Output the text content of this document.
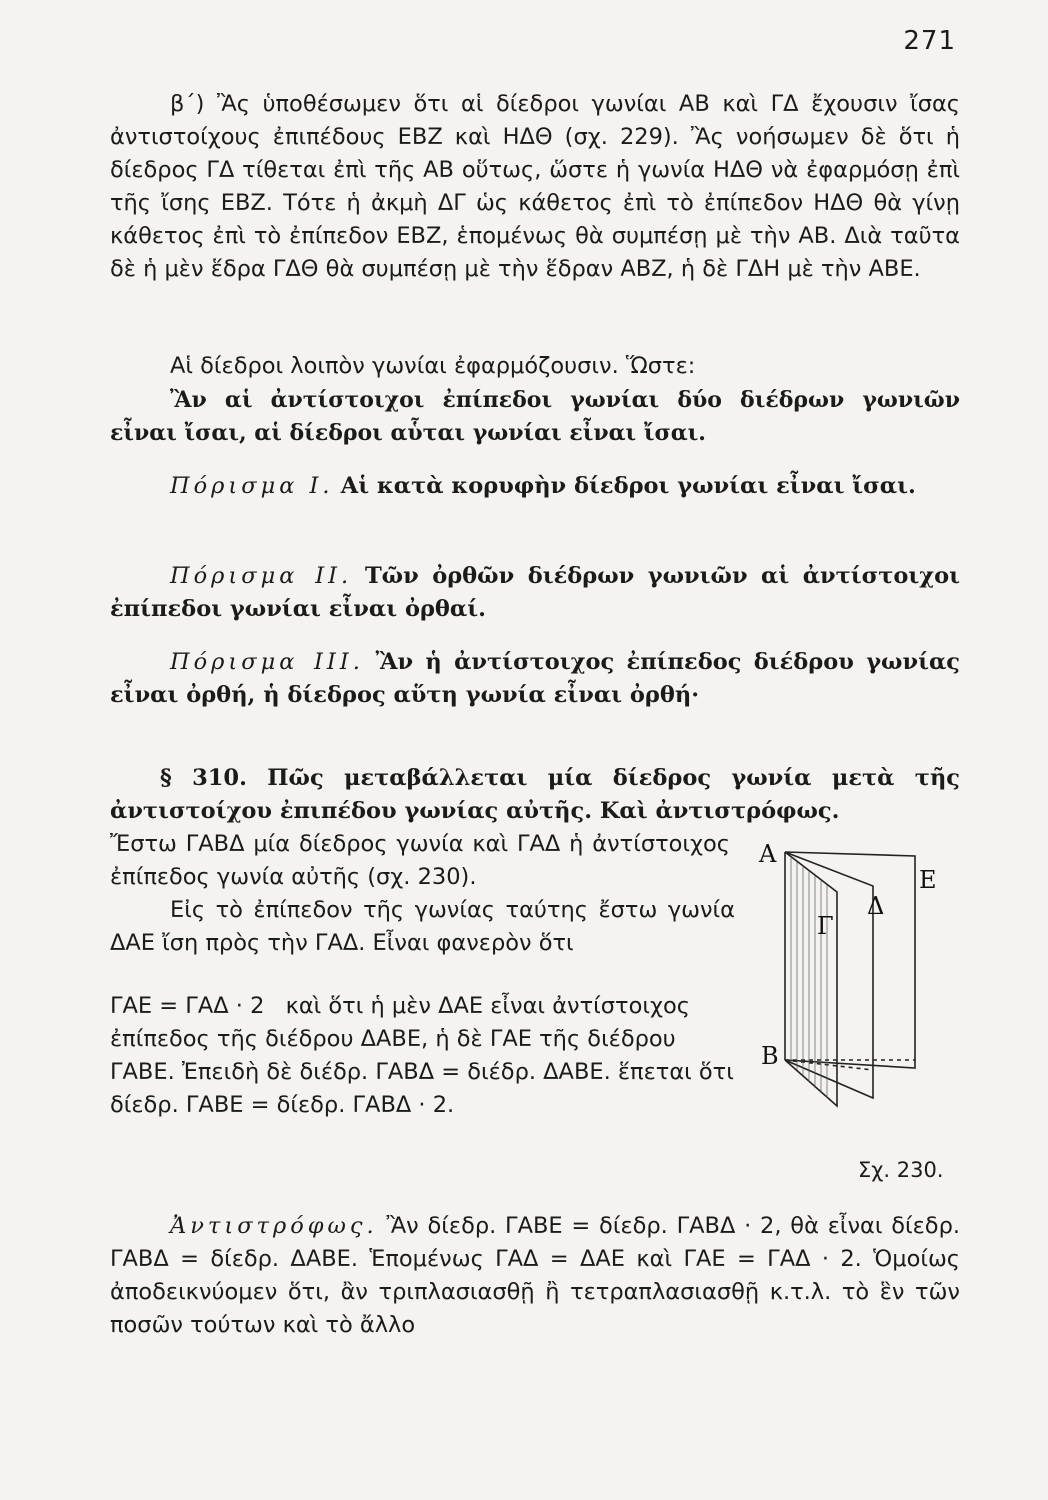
271
β΄) Ἂς ὑποθέσωμεν ὅτι αἱ δίεδροι γωνίαι ΑΒ καὶ ΓΔ ἔχουσιν ἴσας ἀντιστοίχους ἐπιπέδους ΕΒΖ καὶ ΗΔΘ (σχ. 229). Ἂς νοήσωμεν δὲ ὅτι ἡ δίεδρος ΓΔ τίθεται ἐπὶ τῆς ΑΒ οὕτως, ὥστε ἡ γωνία ΗΔΘ νὰ ἐφαρμόσῃ ἐπὶ τῆς ἴσης ΕΒΖ. Τότε ἡ ἀκμὴ ΔΓ ὡς κάθετος ἐπὶ τὸ ἐπίπεδον ΗΔΘ θὰ γίνῃ κάθετος ἐπὶ τὸ ἐπίπεδον ΕΒΖ, ἑπομένως θὰ συμπέσῃ μὲ τὴν ΑΒ. Διὰ ταῦτα δὲ ἡ μὲν ἕδρα ΓΔΘ θὰ συμπέσῃ μὲ τὴν ἕδραν ΑΒΖ, ἡ δὲ ΓΔΗ μὲ τὴν ΑΒΕ.
Αἱ δίεδροι λοιπὸν γωνίαι ἐφαρμόζουσιν. Ὥστε:
Ἂν αἱ ἀντίστοιχοι ἐπίπεδοι γωνίαι δύο διέδρων γωνιῶν εἶναι ἴσαι, αἱ δίεδροι αὗται γωνίαι εἶναι ἴσαι.
Πόρισμα Ι. Αἱ κατὰ κορυφὴν δίεδροι γωνίαι εἶναι ἴσαι.
Πόρισμα ΙΙ. Τῶν ὀρθῶν διέδρων γωνιῶν αἱ ἀντίστοιχοι ἐπίπεδοι γωνίαι εἶναι ὀρθαί.
Πόρισμα ΙΙΙ. Ἂν ἡ ἀντίστοιχος ἐπίπεδος διέδρου γωνίας εἶναι ὀρθή, ἡ δίεδρος αὕτη γωνία εἶναι ὀρθή·
§ 310. Πῶς μεταβάλλεται μία δίεδρος γωνία μετὰ τῆς ἀντιστοίχου ἐπιπέδου γωνίας αὐτῆς. Καὶ ἀντιστρόφως.
Ἔστω ΓΑΒΔ μία δίεδρος γωνία καὶ ΓΑΔ ἡ ἀντίστοιχος ἐπίπεδος γωνία αὐτῆς (σχ. 230).
Εἰς τὸ ἐπίπεδον τῆς γωνίας ταύτης ἔστω γωνία ΔΑΕ ἴση πρὸς τὴν ΓΑΔ. Εἶναι φανερὸν ὅτι
ΓΑΕ = ΓΑΔ · 2 καὶ ὅτι ἡ μὲν ΔΑΕ εἶναι ἀντίστοιχος ἐπίπεδος τῆς διέδρου ΔΑΒΕ, ἡ δὲ ΓΑΕ τῆς διέδρου ΓΑΒΕ. Ἐπειδὴ δὲ διέδρ. ΓΑΒΔ = διέδρ. ΔΑΒΕ. ἕπεται ὅτι δίεδρ. ΓΑΒΕ = δίεδρ. ΓΑΒΔ · 2.
Ἀντιστρόφως. Ἂν δίεδρ. ΓΑΒΕ = δίεδρ. ΓΑΒΔ · 2, θὰ εἶναι δίεδρ. ΓΑΒΔ = δίεδρ. ΔΑΒΕ. Ἑπομένως ΓΑΔ = ΔΑΕ καὶ ΓΑΕ = ΓΑΔ · 2. Ὁμοίως ἀποδεικνύομεν ὅτι, ἂν τριπλασιασθῇ ἢ τετραπλασιασθῇ κ.τ.λ. τὸ ἓν τῶν ποσῶν τούτων καὶ τὸ ἄλλο
Α
Ε
Δ
Γ
Β
Σχ. 230.
